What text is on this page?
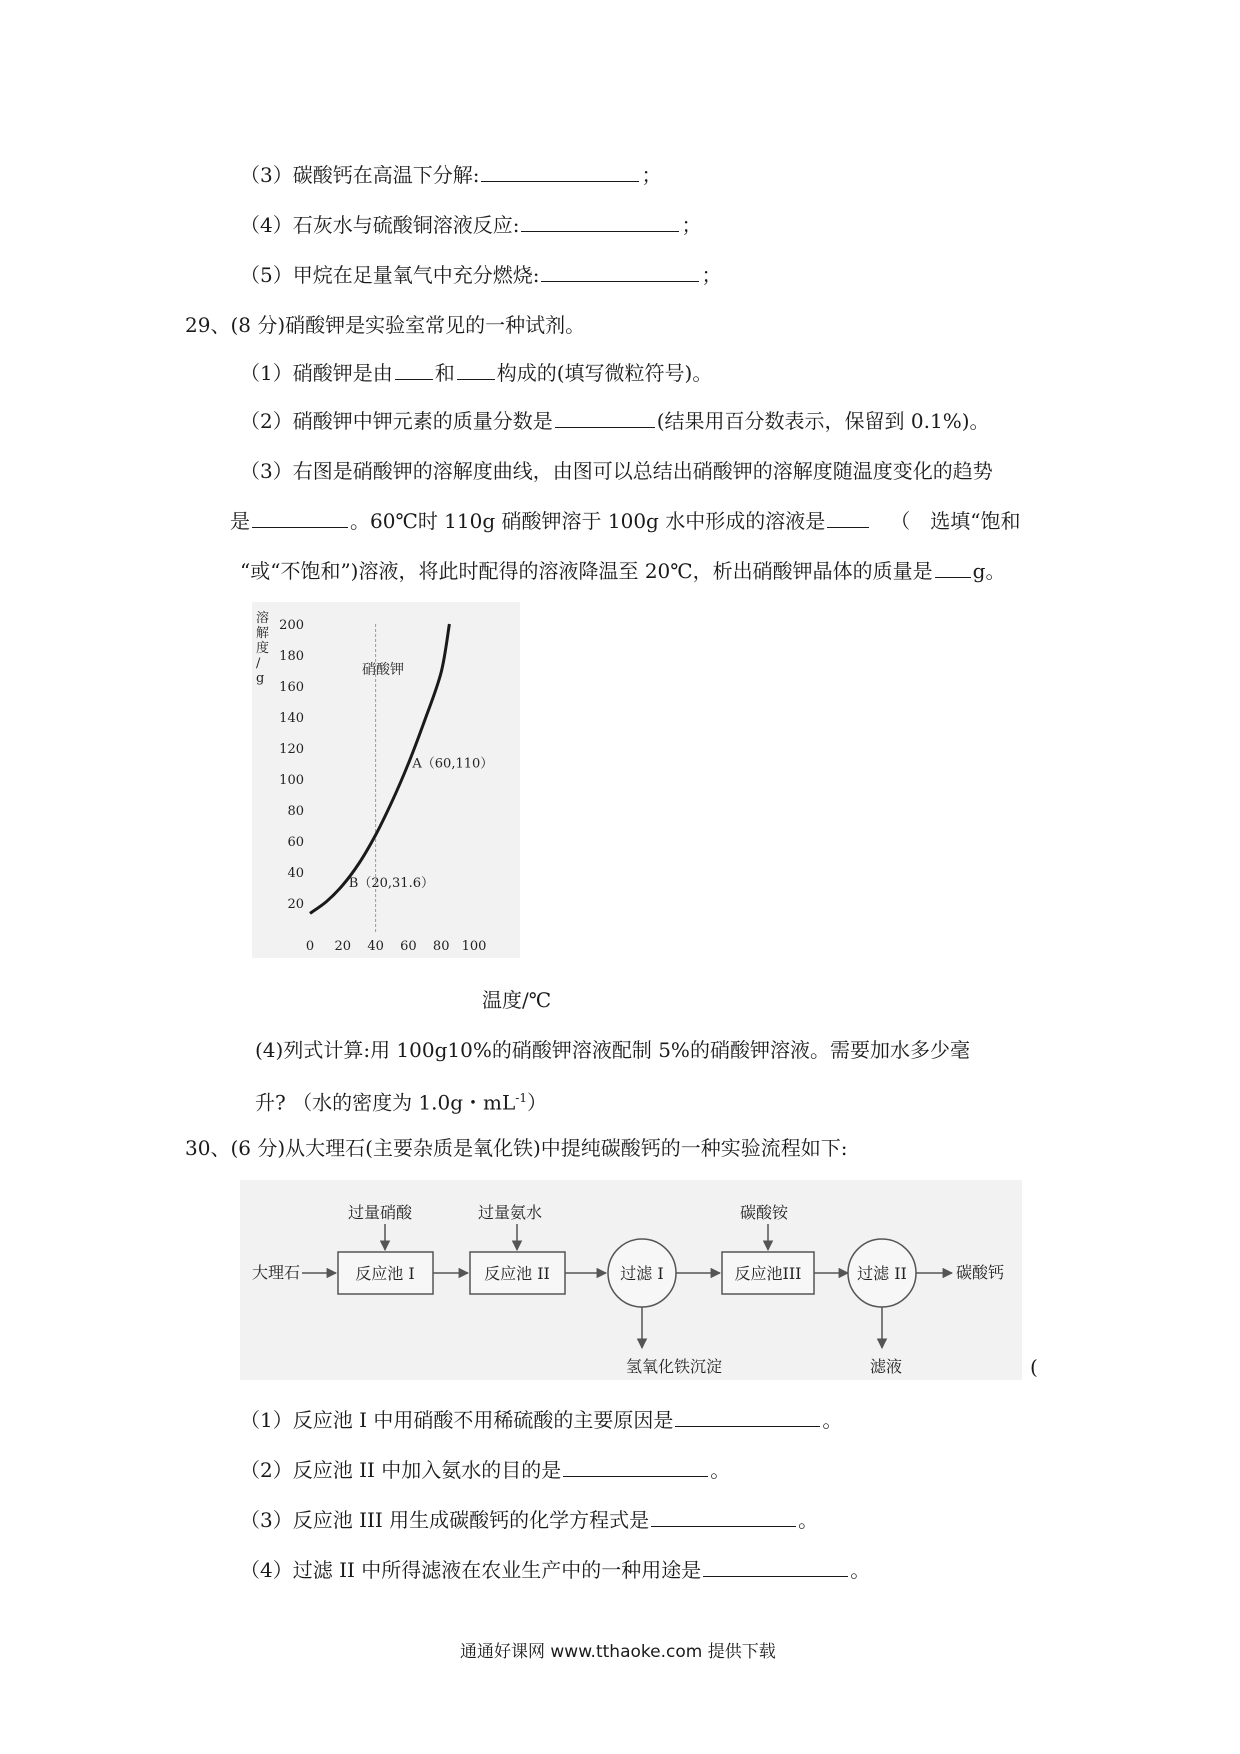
（3）碳酸钙在高温下分解:	；
（4）石灰水与硫酸铜溶液反应:	；
（5）甲烷在足量氧气中充分燃烧:	；
29、(8 分)硝酸钾是实验室常见的一种试剂。
（1）硝酸钾是由 和 构成的(填写微粒符号)。
（2）硝酸钾中钾元素的质量分数是	(结果用百分数表示，保留到 0.1%)。
（3）右图是硝酸钾的溶解度曲线，由图可以总结出硝酸钾的溶解度随温度变化的趋势
是	。60℃时 110g 硝酸钾溶于 100g 水中形成的溶液是	（　选填“饱和
“或“不饱和”)溶液，将此时配得的溶液降温至 20℃，析出硝酸钾晶体的质量是 g。
溶解度/ g
20
40
60
80
100
120
140
160
180
200
0 20 40 60 80 100
硝酸钾
A（60,110）
B（20,31.6）
温度/℃
(4)列式计算:用 100g10%的硝酸钾溶液配制 5%的硝酸钾溶液。需要加水多少毫
升? （水的密度为 1.0g・$mL^{-1}$）
30、(6 分)从大理石(主要杂质是氧化铁)中提纯碳酸钙的一种实验流程如下:
大理石
过量硝酸	过量氨水	碳酸铵
氢氧化铁沉淀	滤液
碳酸钙
反应池 I	反应池 II	过滤 I	反应池III	过滤 II
(
（1）反应池 I 中用硝酸不用稀硫酸的主要原因是	。
（2）反应池 II 中加入氨水的目的是	。
（3）反应池 III 用生成碳酸钙的化学方程式是	。
（4）过滤 II 中所得滤液在农业生产中的一种用途是	。
通通好课网 www.tthaoke.com 提供下载
